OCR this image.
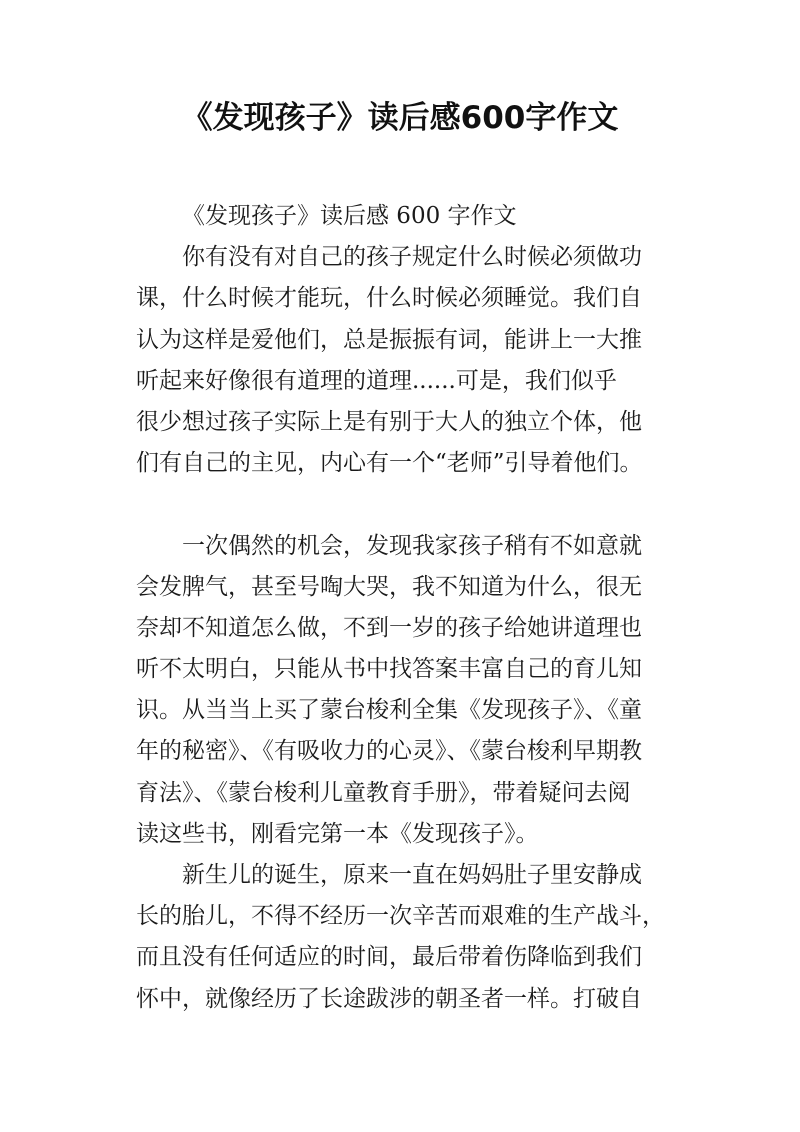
《发现孩子》读后感600字作文

《发现孩子》读后感 600 字作文

你有没有对自己的孩子规定什么时候必须做功

课，什么时候才能玩，什么时候必须睡觉。我们自

认为这样是爱他们，总是振振有词，能讲上一大推

听起来好像很有道理的道理......可是，我们似乎

很少想过孩子实际上是有别于大人的独立个体，他

们有自己的主见，内心有一个“老师”引导着他们。

一次偶然的机会，发现我家孩子稍有不如意就

会发脾气，甚至号啕大哭，我不知道为什么，很无

奈却不知道怎么做，不到一岁的孩子给她讲道理也

听不太明白，只能从书中找答案丰富自己的育儿知

识。从当当上买了蒙台梭利全集《发现孩子》、《童

年的秘密》、《有吸收力的心灵》、《蒙台梭利早期教

育法》、《蒙台梭利儿童教育手册》，带着疑问去阅

读这些书，刚看完第一本《发现孩子》。

新生儿的诞生，原来一直在妈妈肚子里安静成

长的胎儿，不得不经历一次辛苦而艰难的生产战斗，

而且没有任何适应的时间，最后带着伤降临到我们

怀中，就像经历了长途跋涉的朝圣者一样。打破自
